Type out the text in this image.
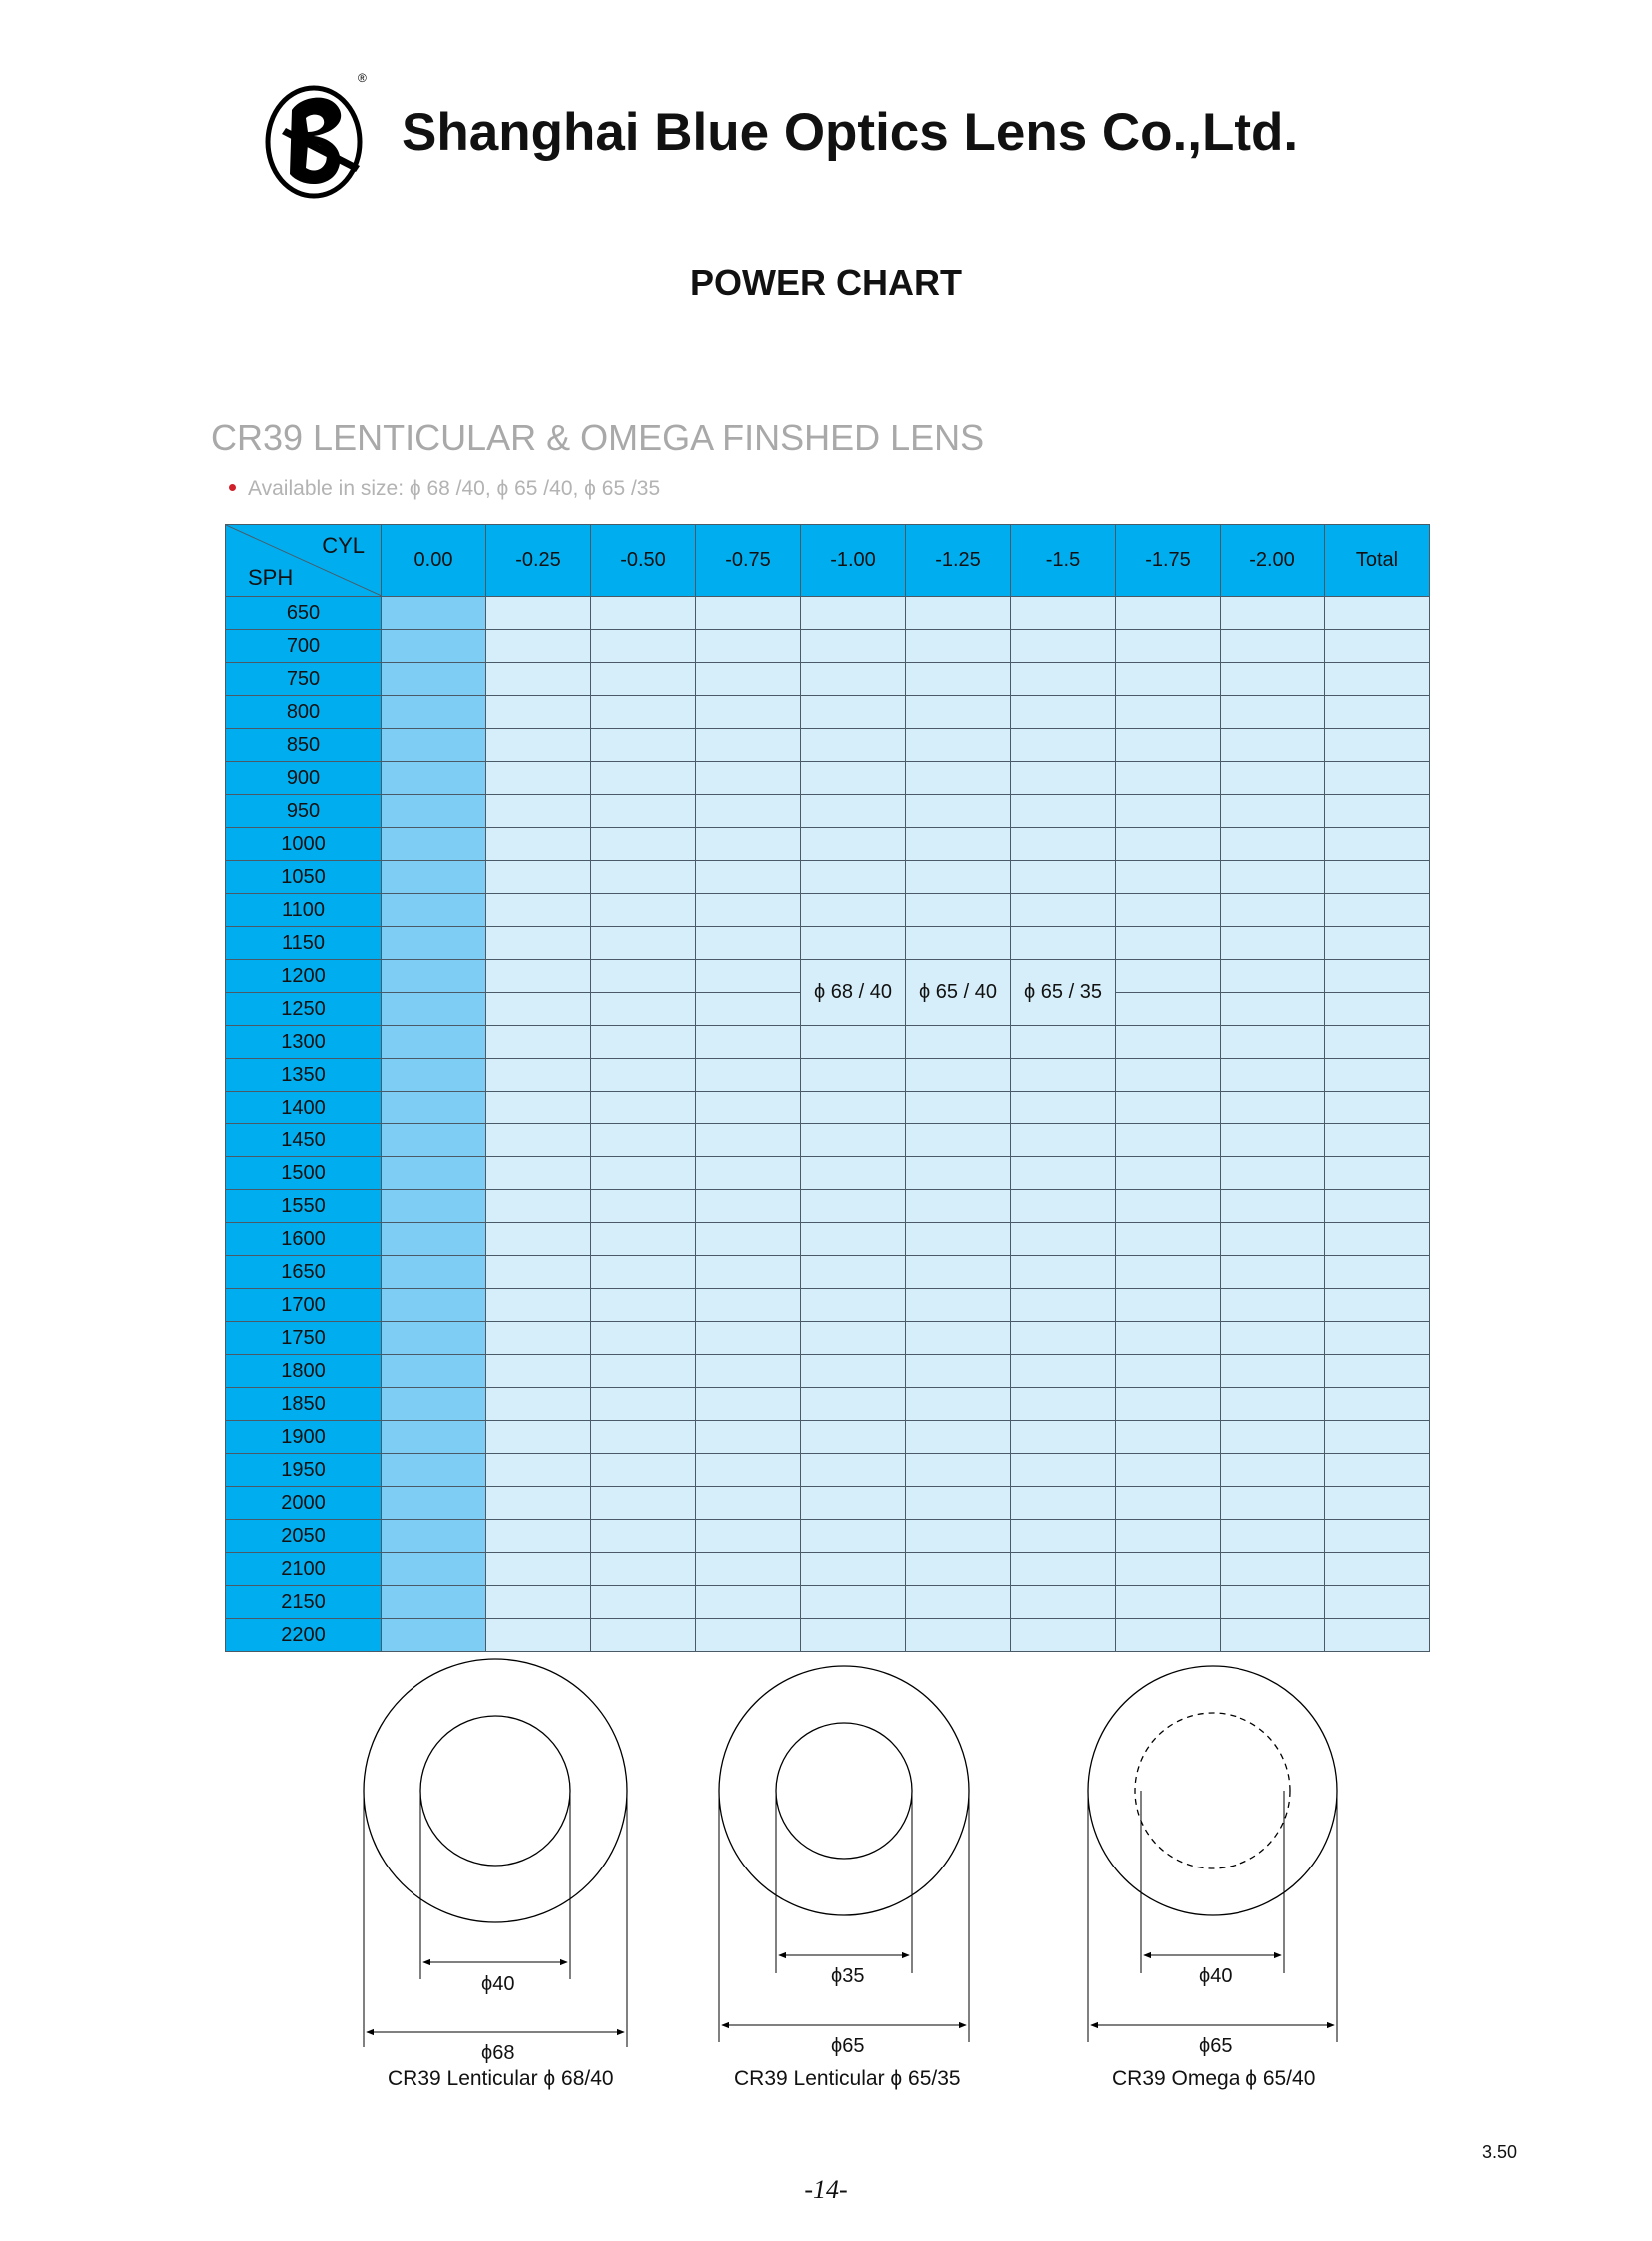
®
Shanghai Blue Optics Lens Co.,Ltd.
POWER CHART
CR39 LENTICULAR & OMEGA FINSHED LENS
Available in size: ϕ 68 /40, ϕ 65 /40, ϕ 65 /35
CYL
SPH	0.00	-0.25	-0.50	-0.75	-1.00	-1.25	-1.5	-1.75	-2.00	Total
650										
700										
750										
800										
850										
900										
950										
1000										
1050										
1100										
1150										
1200					ϕ 68 / 40	ϕ 65 / 40	ϕ 65 / 35			
1250										
1300										
1350										
1400										
1450										
1500										
1550										
1600										
1650										
1700										
1750										
1800										
1850										
1900										
1950										
2000										
2050										
2100										
2150										
2200										
ϕ40
ϕ68
CR39 Lenticular ϕ 68/40
ϕ35
ϕ65
CR39 Lenticular ϕ 65/35
ϕ40
ϕ65
CR39 Omega ϕ 65/40
3.50
-14-
